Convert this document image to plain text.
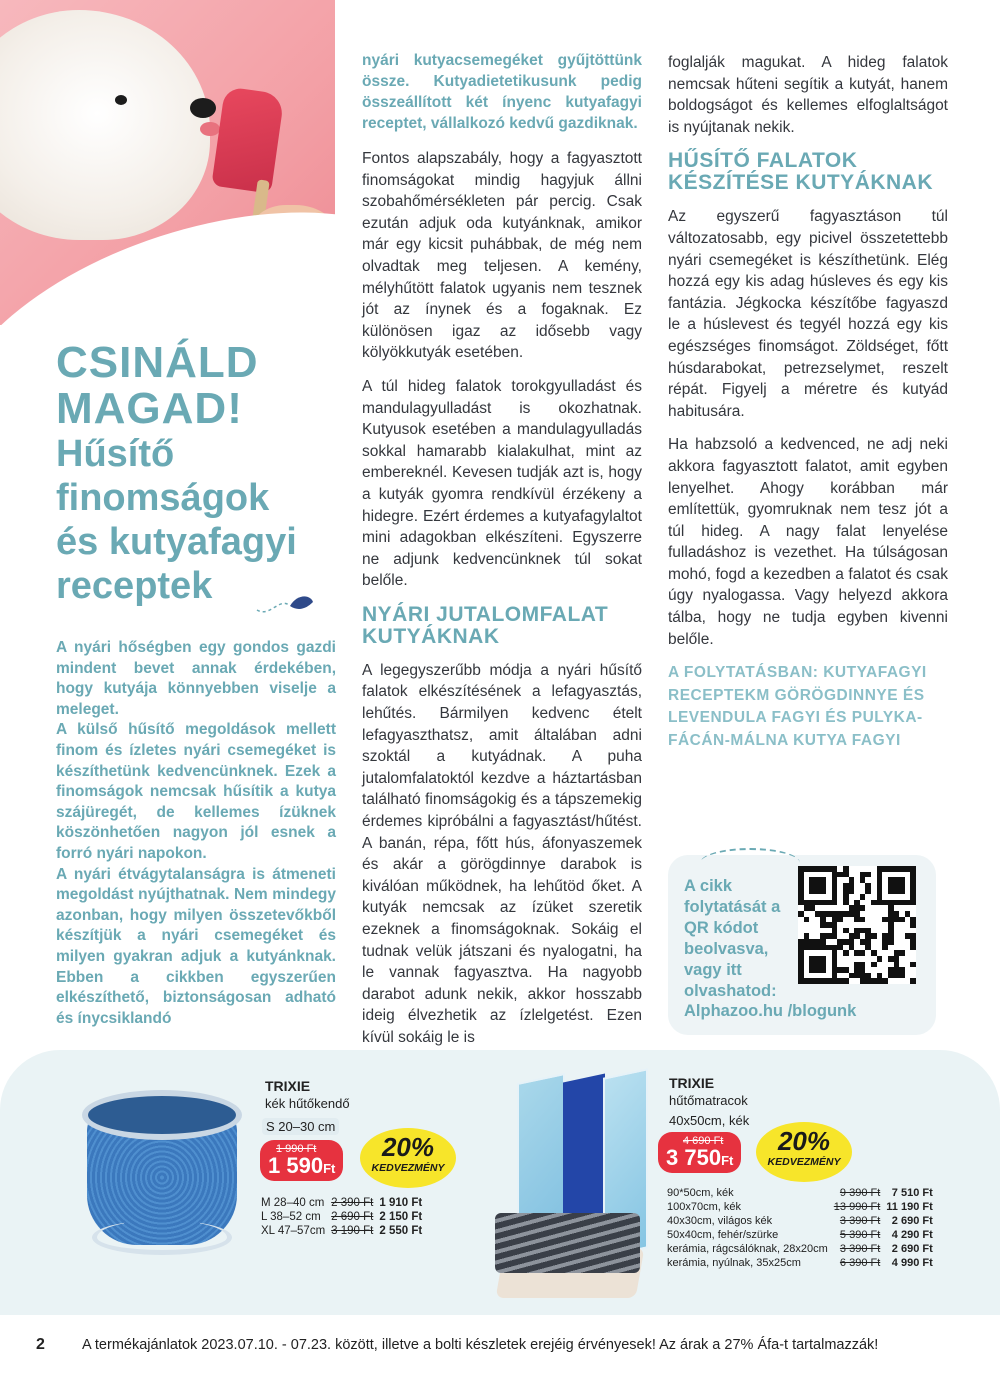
CSINÁLD
MAGAD!
Hűsítő
finomságok
és kutyafagyi
receptek

A nyári hőségben egy gondos gazdi mindent bevet annak érdekében, hogy kutyája könnyebben viselje a meleget.

A külső hűsítő megoldások mellett finom és ízletes nyári csemegéket is készíthetünk kedvencünknek. Ezek a finomságok nemcsak hűsítik a kutya szájüregét, de kellemes ízüknek köszönhetően nagyon jól esnek a forró nyári napokon.

A nyári étvágytalanságra is átmeneti megoldást nyújthatnak. Nem mindegy azonban, hogy milyen összetevőkből készítjük a nyári csemegéket és milyen gyakran adjuk a kutyánknak. Ebben a cikkben egyszerűen elkészíthető, biztonságosan adható és ínycsiklandó

nyári kutyacsemegéket gyűjtöttünk össze. Kutyadietetikusunk pedig összeállított két ínyenc kutyafagyi receptet, vállalkozó kedvű gazdiknak.

Fontos alapszabály, hogy a fagyasztott finomságokat mindig hagyjuk állni szobahőmérsékleten pár percig. Csak ezután adjuk oda kutyánknak, amikor már egy kicsit puhábbak, de még nem olvadtak meg teljesen. A kemény, mélyhűtött falatok ugyanis nem tesznek jót az ínynek és a fogaknak. Ez különösen igaz az idősebb vagy kölyökkutyák esetében.

A túl hideg falatok torokgyulladást és mandulagyulladást is okozhatnak. Kutyusok esetében a mandulagyulladás sokkal hamarabb kialakulhat, mint az embereknél. Kevesen tudják azt is, hogy a kutyák gyomra rendkívül érzékeny a hidegre. Ezért érdemes a kutyafagylaltot mini adagokban elkészíteni. Egyszerre ne adjunk kedvencünknek túl sokat belőle.

NYÁRI JUTALOMFALAT KUTYÁKNAK

A legegyszerűbb módja a nyári hűsítő falatok elkészítésének a lefagyasztás, lehűtés. Bármilyen kedvenc ételt lefagyaszthatsz, amit általában adni szoktál a kutyádnak. A puha jutalomfalatoktól kezdve a háztartásban található finomságokig és a tápszemekig érdemes kipróbálni a fagyasztást/hűtést. A banán, répa, főtt hús, áfonyaszemek és akár a görögdinnye darabok is kiválóan működnek, ha lehűtöd őket. A kutyák nemcsak az ízüket szeretik ezeknek a finomságoknak. Sokáig el tudnak velük játszani és nyalogatni, ha le vannak fagyasztva. Ha nagyobb darabot adunk nekik, akkor hosszabb ideig élvezhetik az ízlelgetést. Ezen kívül sokáig le is

foglalják magukat. A hideg falatok nemcsak hűteni segítik a kutyát, hanem boldogságot és kellemes elfoglaltságot is nyújtanak nekik.

HŰSÍTŐ FALATOK KÉSZÍTÉSE KUTYÁKNAK

Az egyszerű fagyasztáson túl változatosabb, egy picivel összetettebb nyári csemegéket is készíthetünk. Elég hozzá egy kis adag húsleves és egy kis fantázia. Jégkocka készítőbe fagyaszd le a húslevest és tegyél hozzá egy kis egészséges finomságot. Zöldséget, főtt húsdarabokat, petrezselymet, reszelt répát. Figyelj a méretre és kutyád habitusára.

Ha habzsoló a kedvenced, ne adj neki akkora fagyasztott falatot, amit egyben lenyelhet. Ahogy korábban már említettük, gyomruknak nem tesz jót a túl hideg. A nagy falat lenyelése fulladáshoz is vezethet. Ha túlságosan mohó, fogd a kezedben a falatot és csak úgy nyalogassa. Vagy helyezd akkora tálba, hogy ne tudja egyben kivenni belőle.

A FOLYTATÁSBAN: KUTYAFAGYI RECEPTEKM GÖRÖGDINNYE ÉS LEVENDULA FAGYI ÉS PULYKA-FÁCÁN-MÁLNA KUTYA FAGYI

A cikk folytatását a QR kódot beolvasva, vagy itt olvashatod:
Alphazoo.hu /blogunk
TRIXIE
kék hűtőkendő
S 20–30 cm
1 990 Ft
1 590Ft
20%
KEDVEZMÉNY
M 28–40 cm	2 390 Ft	1 910 Ft
L 38–52 cm	2 690 Ft	2 150 Ft
XL 47–57cm	3 190 Ft	2 550 Ft
TRIXIE
hűtőmatracok
40x50cm, kék
4 690 Ft
3 750Ft
20%
KEDVEZMÉNY
90*50cm, kék	9 390 Ft	7 510 Ft
100x70cm, kék	13 990 Ft	11 190 Ft
40x30cm, világos kék	3 390 Ft	2 690 Ft
50x40cm, fehér/szürke	5 390 Ft	4 290 Ft
kerámia, rágcsálóknak, 28x20cm	3 390 Ft	2 690 Ft
kerámia, nyúlnak, 35x25cm	6 390 Ft	4 990 Ft
2	A termékajánlatok 2023.07.10. - 07.23. között, illetve a bolti készletek erejéig érvényesek! Az árak a 27% Áfa-t tartalmazzák!
